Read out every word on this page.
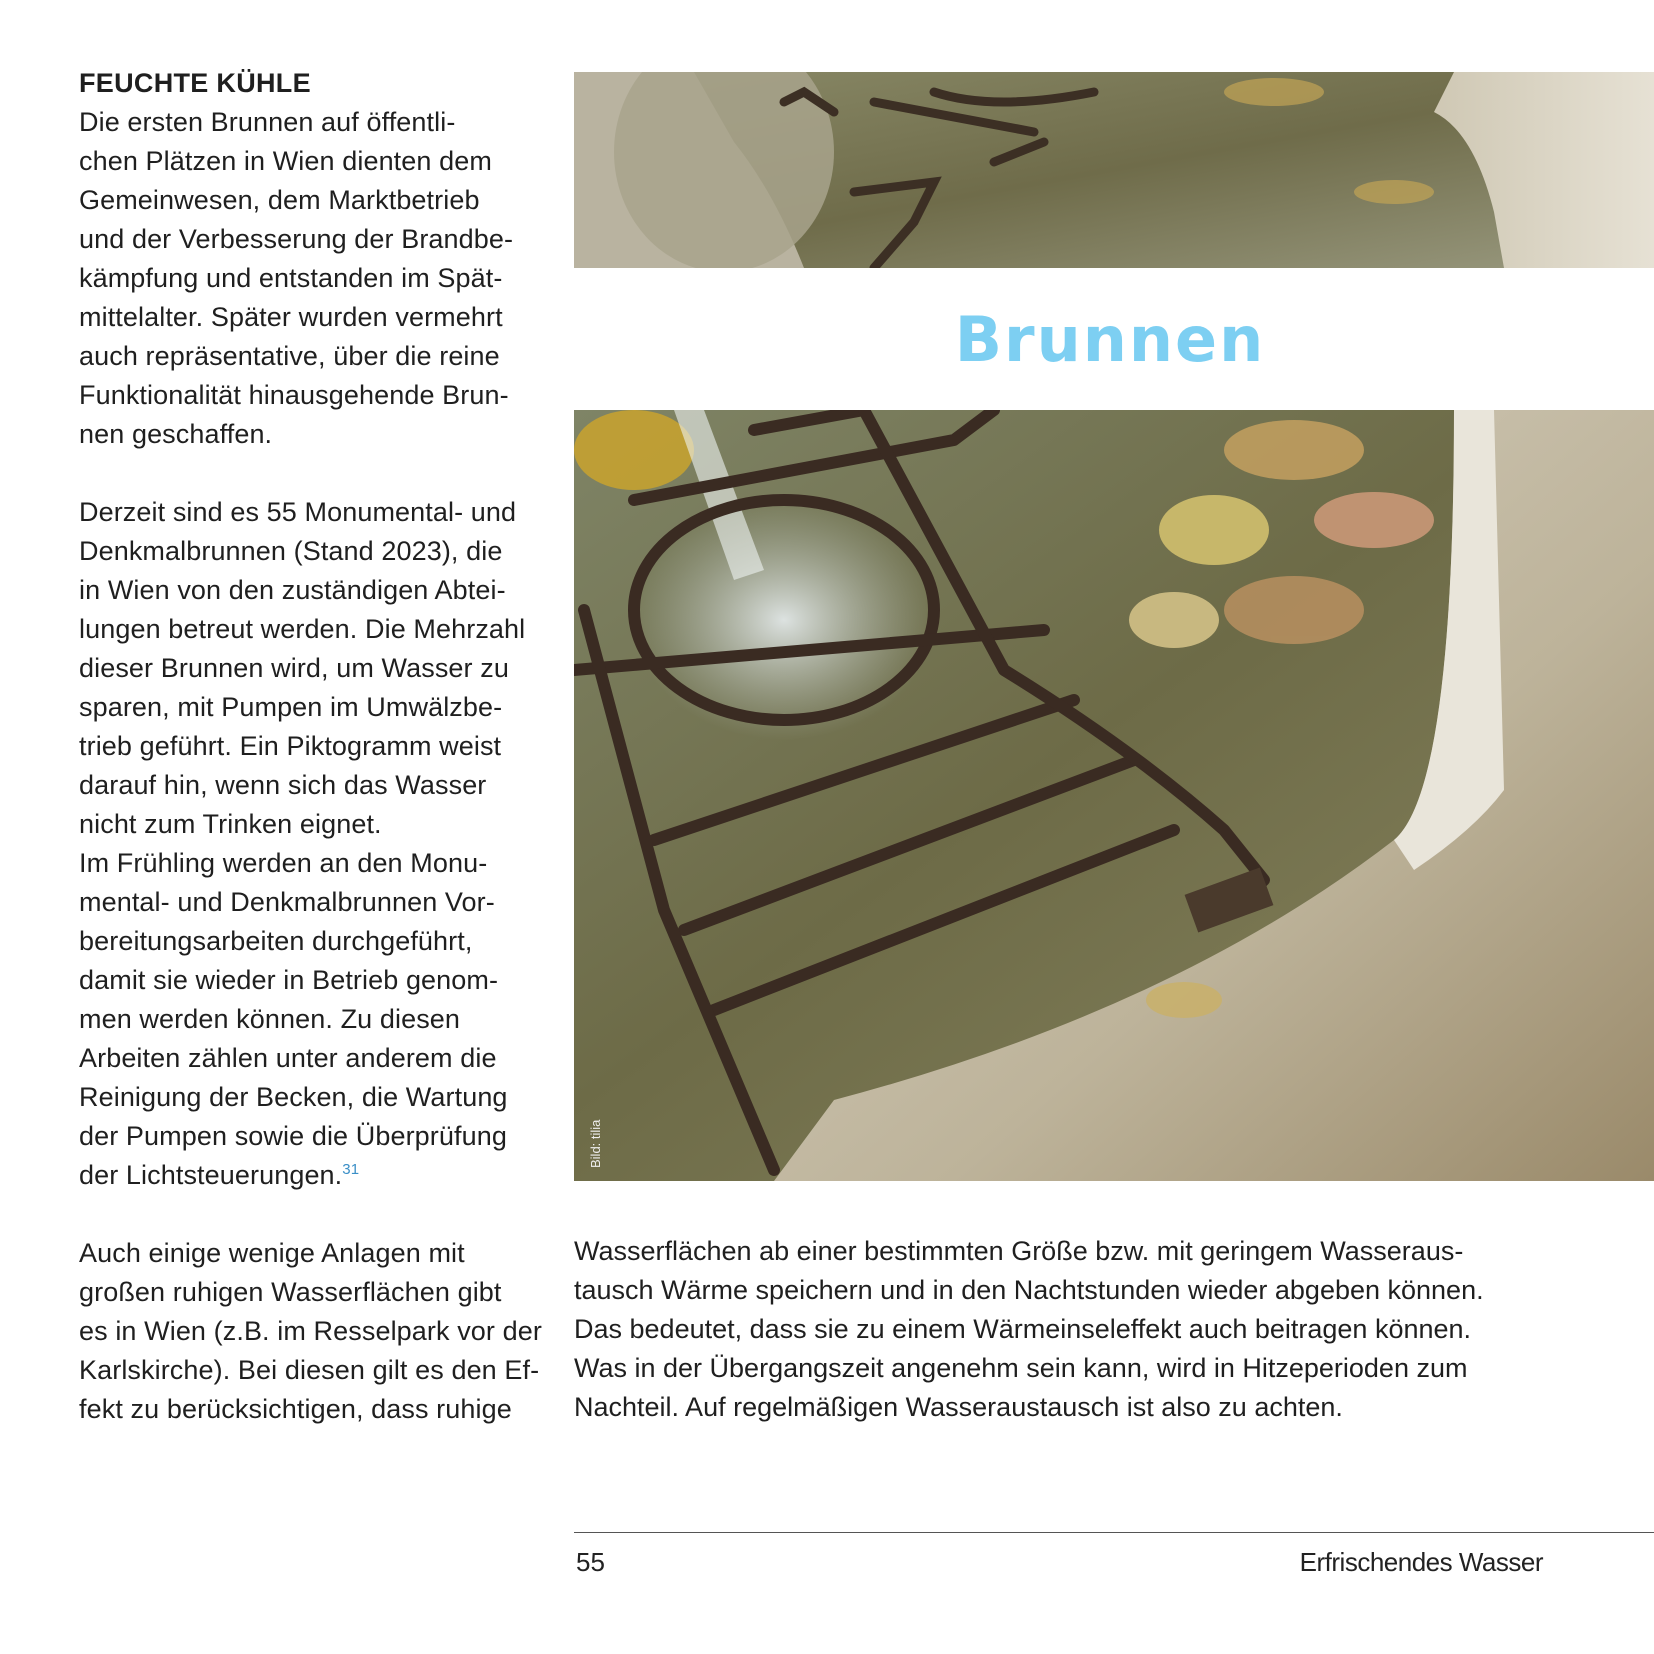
FEUCHTE KÜHLE

Die ersten Brunnen auf öffentli-
chen Plätzen in Wien dienten dem
Gemeinwesen, dem Marktbetrieb
und der Verbesserung der Brandbe-
kämpfung und entstanden im Spät-
mittelalter. Später wurden vermehrt
auch repräsentative, über die reine
Funktionalität hinausgehende Brun-
nen geschaffen.

Derzeit sind es 55 Monumental- und
Denkmalbrunnen (Stand 2023), die
in Wien von den zuständigen Abtei-
lungen betreut werden. Die Mehrzahl
dieser Brunnen wird, um Wasser zu
sparen, mit Pumpen im Umwälzbe-
trieb geführt. Ein Piktogramm weist
darauf hin, wenn sich das Wasser
nicht zum Trinken eignet.
Im Frühling werden an den Monu-
mental- und Denkmalbrunnen Vor-
bereitungsarbeiten durchgeführt,
damit sie wieder in Betrieb genom-
men werden können. Zu diesen
Arbeiten zählen unter anderem die
Reinigung der Becken, die Wartung
der Pumpen sowie die Überprüfung
der Lichtsteuerungen.$^{31}$

Auch einige wenige Anlagen mit
großen ruhigen Wasserflächen gibt
es in Wien (z.B. im Resselpark vor der
Karlskirche). Bei diesen gilt es den Ef-
fekt zu berücksichtigen, dass ruhige

Brunnen
Bild: tilia

Wasserflächen ab einer bestimmten Größe bzw. mit geringem Wasseraus-
tausch Wärme speichern und in den Nachtstunden wieder abgeben können.
Das bedeutet, dass sie zu einem Wärmeinseleffekt auch beitragen können.
Was in der Übergangszeit angenehm sein kann, wird in Hitzeperioden zum
Nachteil. Auf regelmäßigen Wasseraustausch ist also zu achten.

55	Erfrischendes Wasser
